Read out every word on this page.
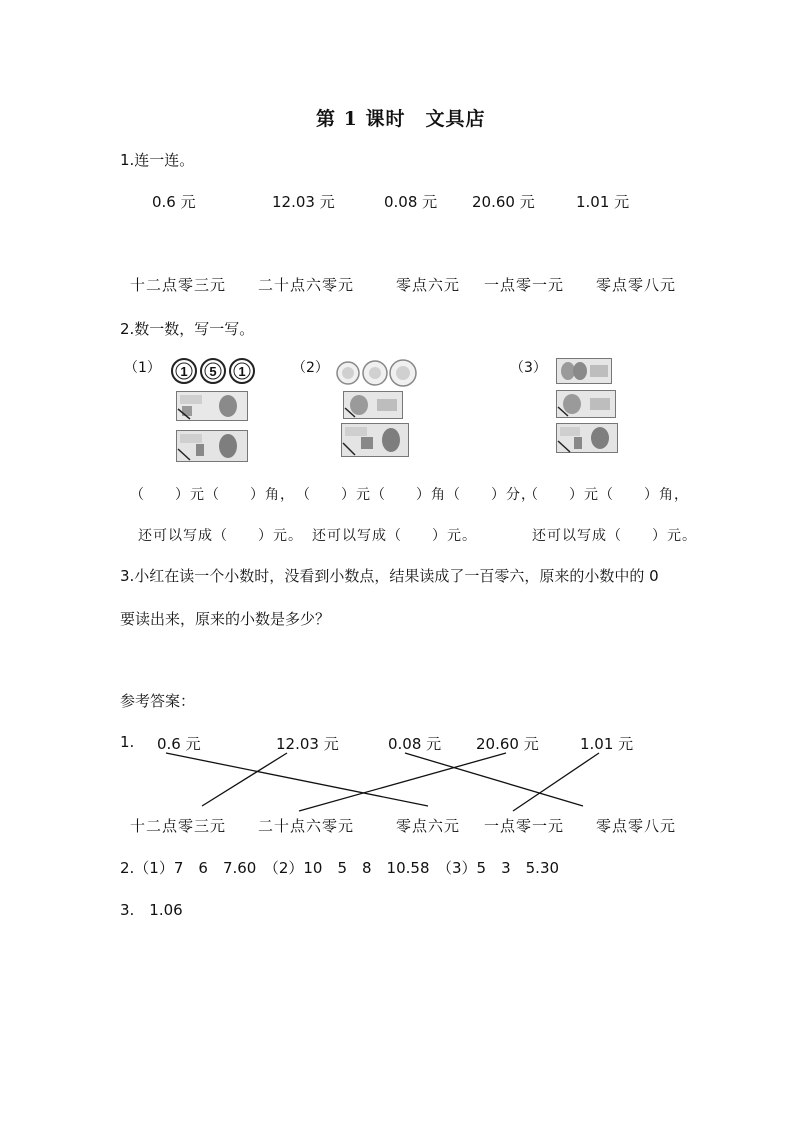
第 1 课时　文具店
1.连一连。
0.6 元	12.03 元	0.08 元 20.60 元	1.01 元
十二点零三元 二十点六零元	零点六元 一点零一元 零点零八元
2.数一数，写一写。
（1）	（2）	（3）
1 5 1
（　　）元（　　）角， （　　）元（　　）角（　　）分，
（　　）元（　　）角，
还可以写成（　　）元。 还可以写成（　　）元。	还可以写成（　　）元。
3.小红在读一个小数时，没看到小数点，结果读成了一百零六，原来的小数中的 0
要读出来，原来的小数是多少？
参考答案：
1. 0.6 元	12.03 元	0.08 元 20.60 元	1.01 元
十二点零三元 二十点六零元	零点六元 一点零一元 零点零八元
2.（1）7　6　7.60　（2）10　5　8　10.58　（3）5　3　5.30
3.　1.06
